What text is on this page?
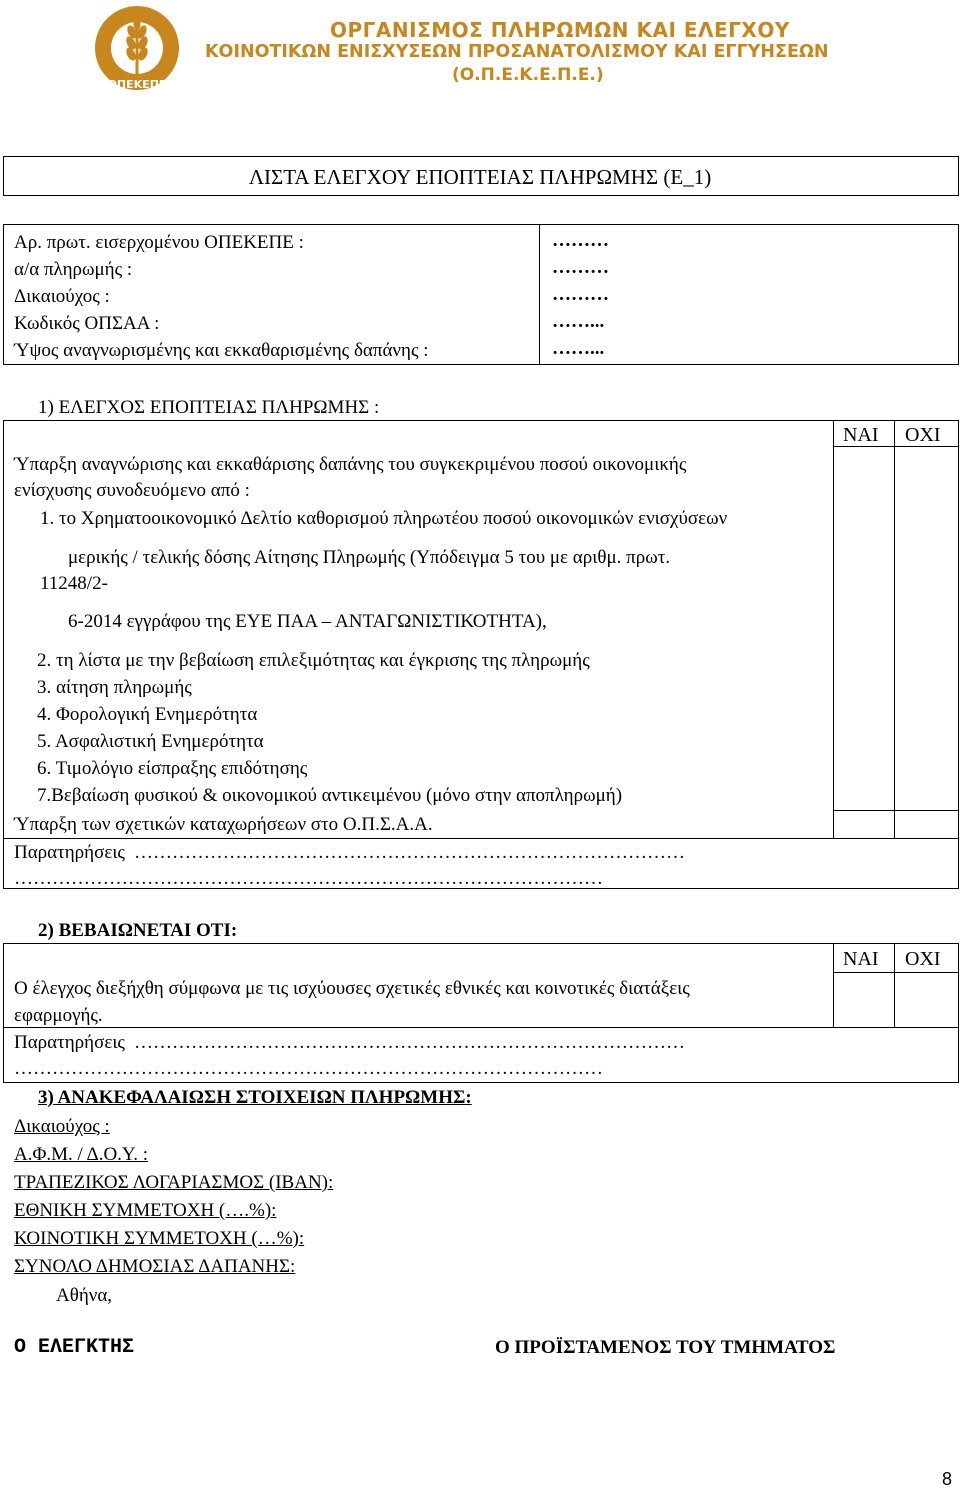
ΟΠΕΚΕΠΕ
ΟΡΓΑΝΙΣΜΟΣ ΠΛΗΡΩΜΩΝ ΚΑΙ ΕΛΕΓΧΟΥ
ΚΟΙΝΟΤΙΚΩΝ ΕΝΙΣΧΥΣΕΩΝ ΠΡΟΣΑΝΑΤΟΛΙΣΜΟΥ ΚΑΙ ΕΓΓΥΗΣΕΩΝ
(Ο.Π.Ε.Κ.Ε.Π.Ε.)
ΛΙΣΤΑ ΕΛΕΓΧΟΥ ΕΠΟΠΤΕΙΑΣ ΠΛΗΡΩΜΗΣ (Ε_1)
Αρ. πρωτ. εισερχομένου ΟΠΕΚΕΠΕ :
α/α πληρωμής :
Δικαιούχος :
Κωδικός ΟΠΣΑΑ :
Ύψος αναγνωρισμένης και εκκαθαρισμένης δαπάνης :
………
………
………
……...
……...
1) ΕΛΕΓΧΟΣ ΕΠΟΠΤΕΙΑΣ ΠΛΗΡΩΜΗΣ :
ΝΑΙ ΟΧΙ
Ύπαρξη αναγνώρισης και εκκαθάρισης δαπάνης του συγκεκριμένου ποσού οικονομικής
ενίσχυσης συνοδευόμενο από :
1. το Χρηματοοικονομικό Δελτίο καθορισμού πληρωτέου ποσού οικονομικών ενισχύσεων
μερικής / τελικής δόσης Αίτησης Πληρωμής (Υπόδειγμα 5 του με αριθμ. πρωτ.
11248/2-
6-2014 εγγράφου της ΕΥΕ ΠΑΑ – ΑΝΤΑΓΩΝΙΣΤΙΚΟΤΗΤΑ),
2. τη λίστα με την βεβαίωση επιλεξιμότητας και έγκρισης της πληρωμής
3. αίτηση πληρωμής
4. Φορολογική Ενημερότητα
5. Ασφαλιστική Ενημερότητα
6. Τιμολόγιο είσπραξης επιδότησης
7.Βεβαίωση φυσικού & οικονομικού αντικειμένου (μόνο στην αποπληρωμή)
Ύπαρξη των σχετικών καταχωρήσεων στο Ο.Π.Σ.Α.Α.
Παρατηρήσεις ……………………………………………………………………………
…………………………………………………………………………………
2) ΒΕΒΑΙΩΝΕΤΑΙ ΟΤΙ:
ΝΑΙ ΟΧΙ
Ο έλεγχος διεξήχθη σύμφωνα με τις ισχύουσες σχετικές εθνικές και κοινοτικές διατάξεις
εφαρμογής.
Παρατηρήσεις ……………………………………………………………………………
…………………………………………………………………………………
3) ΑΝΑΚΕΦΑΛΑΙΩΣΗ ΣΤΟΙΧΕΙΩΝ ΠΛΗΡΩΜΗΣ:
Δικαιούχος :
Α.Φ.Μ. / Δ.Ο.Υ. :
ΤΡΑΠΕΖΙΚΟΣ ΛΟΓΑΡΙΑΣΜΟΣ (ΙΒΑΝ):
ΕΘΝΙΚΗ ΣΥΜΜΕΤΟΧΗ (….%):
ΚΟΙΝΟΤΙΚΗ ΣΥΜΜΕΤΟΧΗ (…%):
ΣΥΝΟΛΟ ΔΗΜΟΣΙΑΣ ΔΑΠΑΝΗΣ:
Αθήνα,
Ο ΕΛΕΓΚΤΗΣ	Ο ΠΡΟΪΣΤΑΜΕΝΟΣ ΤΟΥ ΤΜΗΜΑΤΟΣ
8
